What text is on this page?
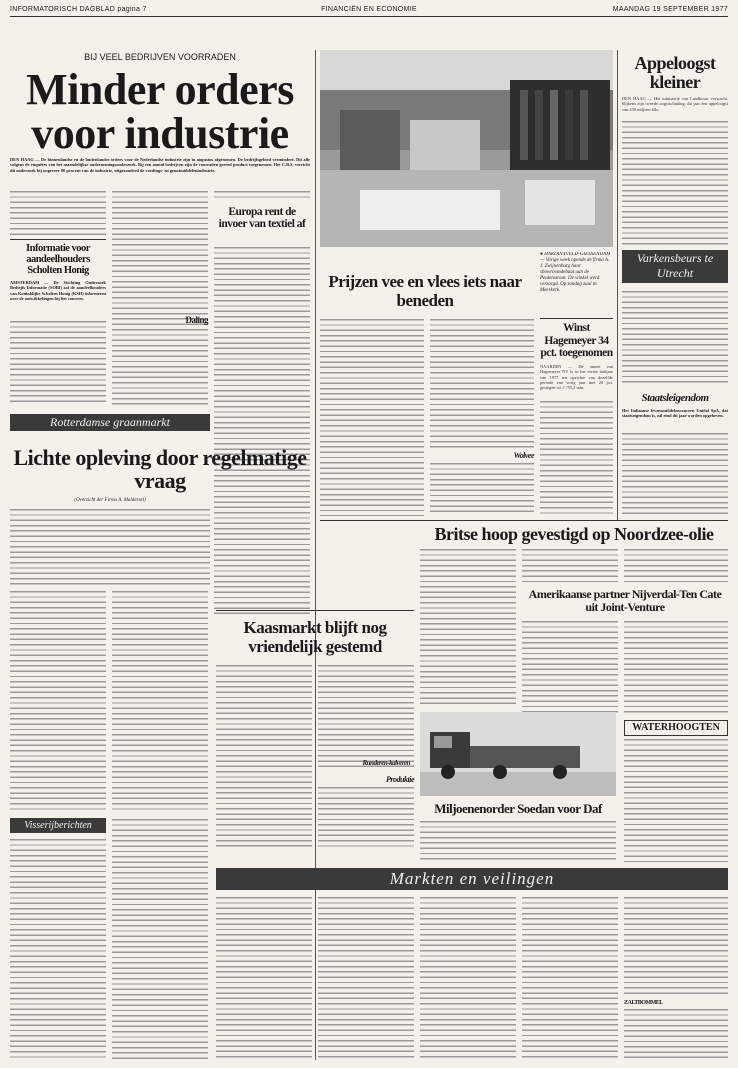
INFORMATORISCH DAGBLAD pagina 7	FINANCIËN EN ECONOMIE	MAANDAG 19 SEPTEMBER 1977
BIJ VEEL BEDRIJVEN VOORRADEN
Minder orders
voor industrie
DEN HAAG — De binnenlandse en de buitenlandse orders voor de Nederlandse industrie zijn in augustus afgenomen. De bedrijfsgebied vermindert. Dit alle volgens de enquêtes van het maandelijkse ondernemingsonderzoek. Bij een aantal bedrijven zijn de voorraden gereed product toegenomen. Het C.B.S. verricht dit onderzoek bij ongeveer 80 procent van de industrie, uitgezonderd de voedings- en genotmiddelenindustrie.
Informatie voor aandeelhouders Scholten Honig
AMSTERDAM — De Stichting Onderzoek Bedrijfs Informatie (SOBI) zal de aandeelhouders van Koninklijke Scholten Honig (KSH) informeren over de ontwikkelingen bij het concern.
Daling
Europa rent de invoer van textiel af
Rotterdamse graanmarkt
Lichte opleving door regelmatige vraag
(Overzicht der Firma A. Maldersel)
Visserijberichten
● HARDINXVELD-GIESSENDAM — Vorige week opende de firma A. J. Zwijnenburg haar showroomdebuut aan de Peulenstraat. De winkel werd verzorgd. Op zondag zaal in Meerkerk.
Prijzen vee en vlees iets naar beneden
Wolvee
Winst Hagemeyer 34 pct. toegenomen
NAARDEN — De omzet van Hagemeyer NV is in het eerste halfjaar van 1977 ten opzichte van dezelfde periode van vorig jaar met 28 pct. gestegen tot ƒ 755,2 mln.
Appeloogst kleiner
DEN HAAG — Het ministerie van Landbouw verwacht, blijkens zijn tweede oogstschatting, dit jaar een appeloogst van 430 miljoen kilo.
Varkensbeurs te Utrecht
Staatsleigendom
Het Italiaanse levensmiddelenconcern Unidal SpA, dat staatseigendom is, zal eind dit jaar worden opgeheven.
Britse hoop gevestigd op Noordzee-olie
Amerikaanse partner Nijverdal-Ten Cate uit Joint-Venture
Kaasmarkt blijft nog vriendelijk gestemd
Produktie
Miljoenenorder Soedan voor Daf
WATERHOOGTEN
Markten en veilingen
ZALTBOMMEL
Runderen-kalveren
